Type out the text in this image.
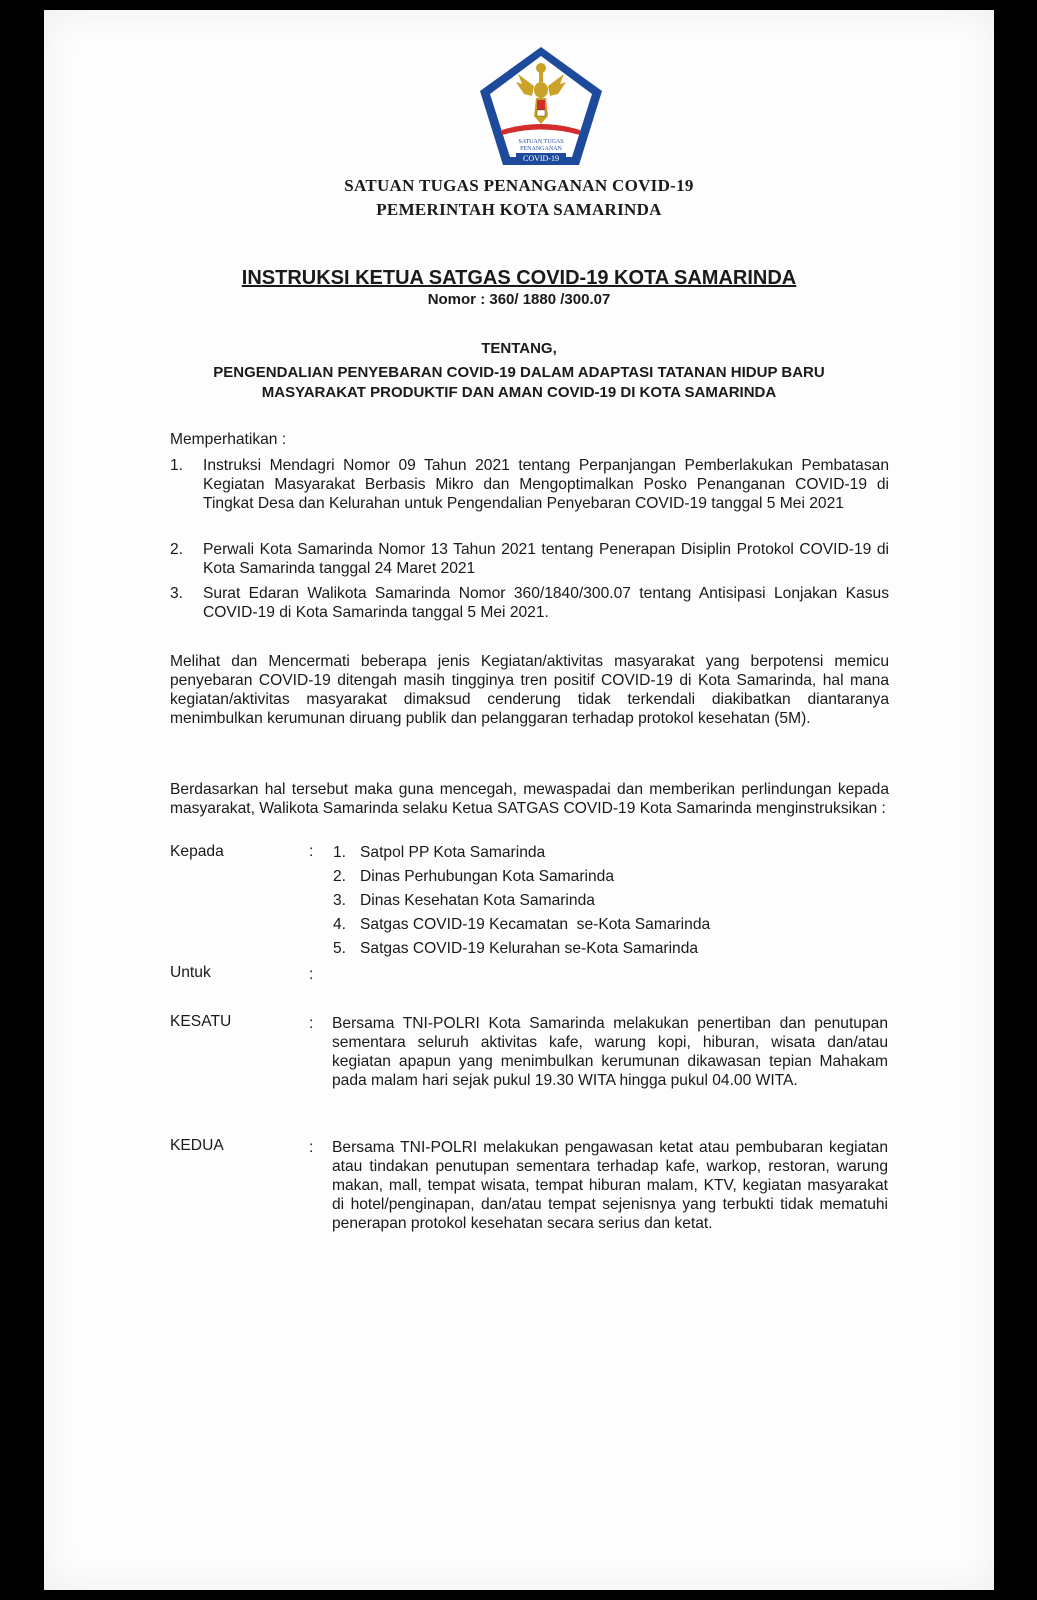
SATUAN TUGAS
PENANGANAN
COVID-19
SATUAN TUGAS PENANGANAN COVID-19
PEMERINTAH KOTA SAMARINDA
INSTRUKSI KETUA SATGAS COVID-19 KOTA SAMARINDA
Nomor : 360/ 1880 /300.07
TENTANG,
PENGENDALIAN PENYEBARAN COVID-19 DALAM ADAPTASI TATANAN HIDUP BARU
MASYARAKAT PRODUKTIF DAN AMAN COVID-19 DI KOTA SAMARINDA
Memperhatikan :
1. Instruksi Mendagri Nomor 09 Tahun 2021 tentang Perpanjangan Pemberlakukan Pembatasan Kegiatan Masyarakat Berbasis Mikro dan Mengoptimalkan Posko Penanganan COVID-19 di Tingkat Desa dan Kelurahan untuk Pengendalian Penyebaran COVID-19 tanggal 5 Mei 2021
2. Perwali Kota Samarinda Nomor 13 Tahun 2021 tentang Penerapan Disiplin Protokol COVID-19 di Kota Samarinda tanggal 24 Maret 2021
3. Surat Edaran Walikota Samarinda Nomor 360/1840/300.07 tentang Antisipasi Lonjakan Kasus COVID-19 di Kota Samarinda tanggal 5 Mei 2021.
Melihat dan Mencermati beberapa jenis Kegiatan/aktivitas masyarakat yang berpotensi memicu penyebaran COVID-19 ditengah masih tingginya tren positif COVID-19 di Kota Samarinda, hal mana kegiatan/aktivitas masyarakat dimaksud cenderung tidak terkendali diakibatkan diantaranya menimbulkan kerumunan diruang publik dan pelanggaran terhadap protokol kesehatan (5M).
Berdasarkan hal tersebut maka guna mencegah, mewaspadai dan memberikan perlindungan kepada masyarakat, Walikota Samarinda selaku Ketua SATGAS COVID-19 Kota Samarinda menginstruksikan :
Kepada	: 1. Satpol PP Kota Samarinda
2. Dinas Perhubungan Kota Samarinda
3. Dinas Kesehatan Kota Samarinda
4. Satgas COVID-19 Kecamatan  se-Kota Samarinda
5. Satgas COVID-19 Kelurahan se-Kota Samarinda
Untuk	:
KESATU	: Bersama TNI-POLRI Kota Samarinda melakukan penertiban dan penutupan sementara seluruh aktivitas kafe, warung kopi, hiburan, wisata dan/atau kegiatan apapun yang menimbulkan kerumunan dikawasan tepian Mahakam pada malam hari sejak pukul 19.30 WITA hingga pukul 04.00 WITA.
KEDUA	: Bersama TNI-POLRI melakukan pengawasan ketat atau pembubaran kegiatan atau tindakan penutupan sementara terhadap kafe, warkop, restoran, warung makan, mall, tempat wisata, tempat hiburan malam, KTV, kegiatan masyarakat di hotel/penginapan, dan/atau tempat sejenisnya yang terbukti tidak mematuhi penerapan protokol kesehatan secara serius dan ketat.
